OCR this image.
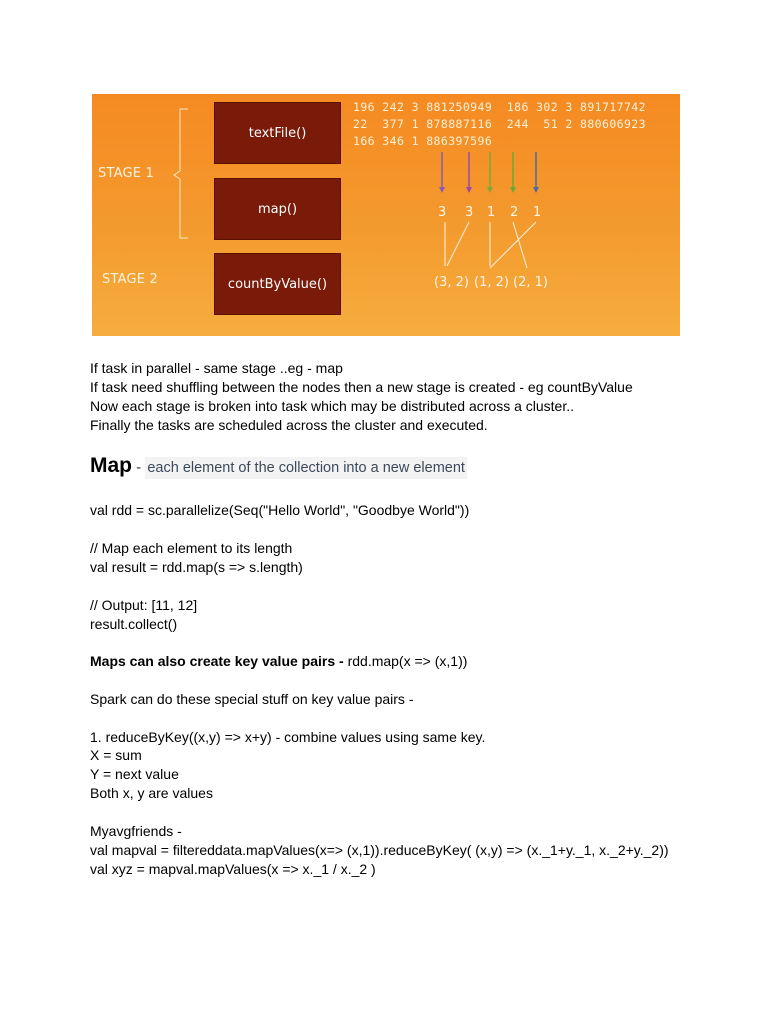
STAGE 1
STAGE 2
textFile()
map()
countByValue()
196 242 3 881250949  186 302 3 891717742
22  377 1 878887116  244  51 2 880606923
166 346 1 886397596
3 3 1 2 1
(3, 2) (1, 2) (2, 1)
If task in parallel - same stage ..eg - map
If task need shuffling between the nodes then a new stage is created - eg countByValue
Now each stage is broken into task which may be distributed across a cluster..
Finally the tasks are scheduled across the cluster and executed.
Map - each element of the collection into a new element
val rdd = sc.parallelize(Seq("Hello World", "Goodbye World"))
// Map each element to its length
val result = rdd.map(s => s.length)
// Output: [11, 12]
result.collect()
Maps can also create key value pairs - rdd.map(x => (x,1))
Spark can do these special stuff on key value pairs -
1. reduceByKey((x,y) => x+y) - combine values using same key.
X = sum
Y = next value
Both x, y are values
Myavgfriends -
val mapval = filtereddata.mapValues(x=> (x,1)).reduceByKey( (x,y) => (x._1+y._1, x._2+y._2))
val xyz = mapval.mapValues(x => x._1 / x._2 )
